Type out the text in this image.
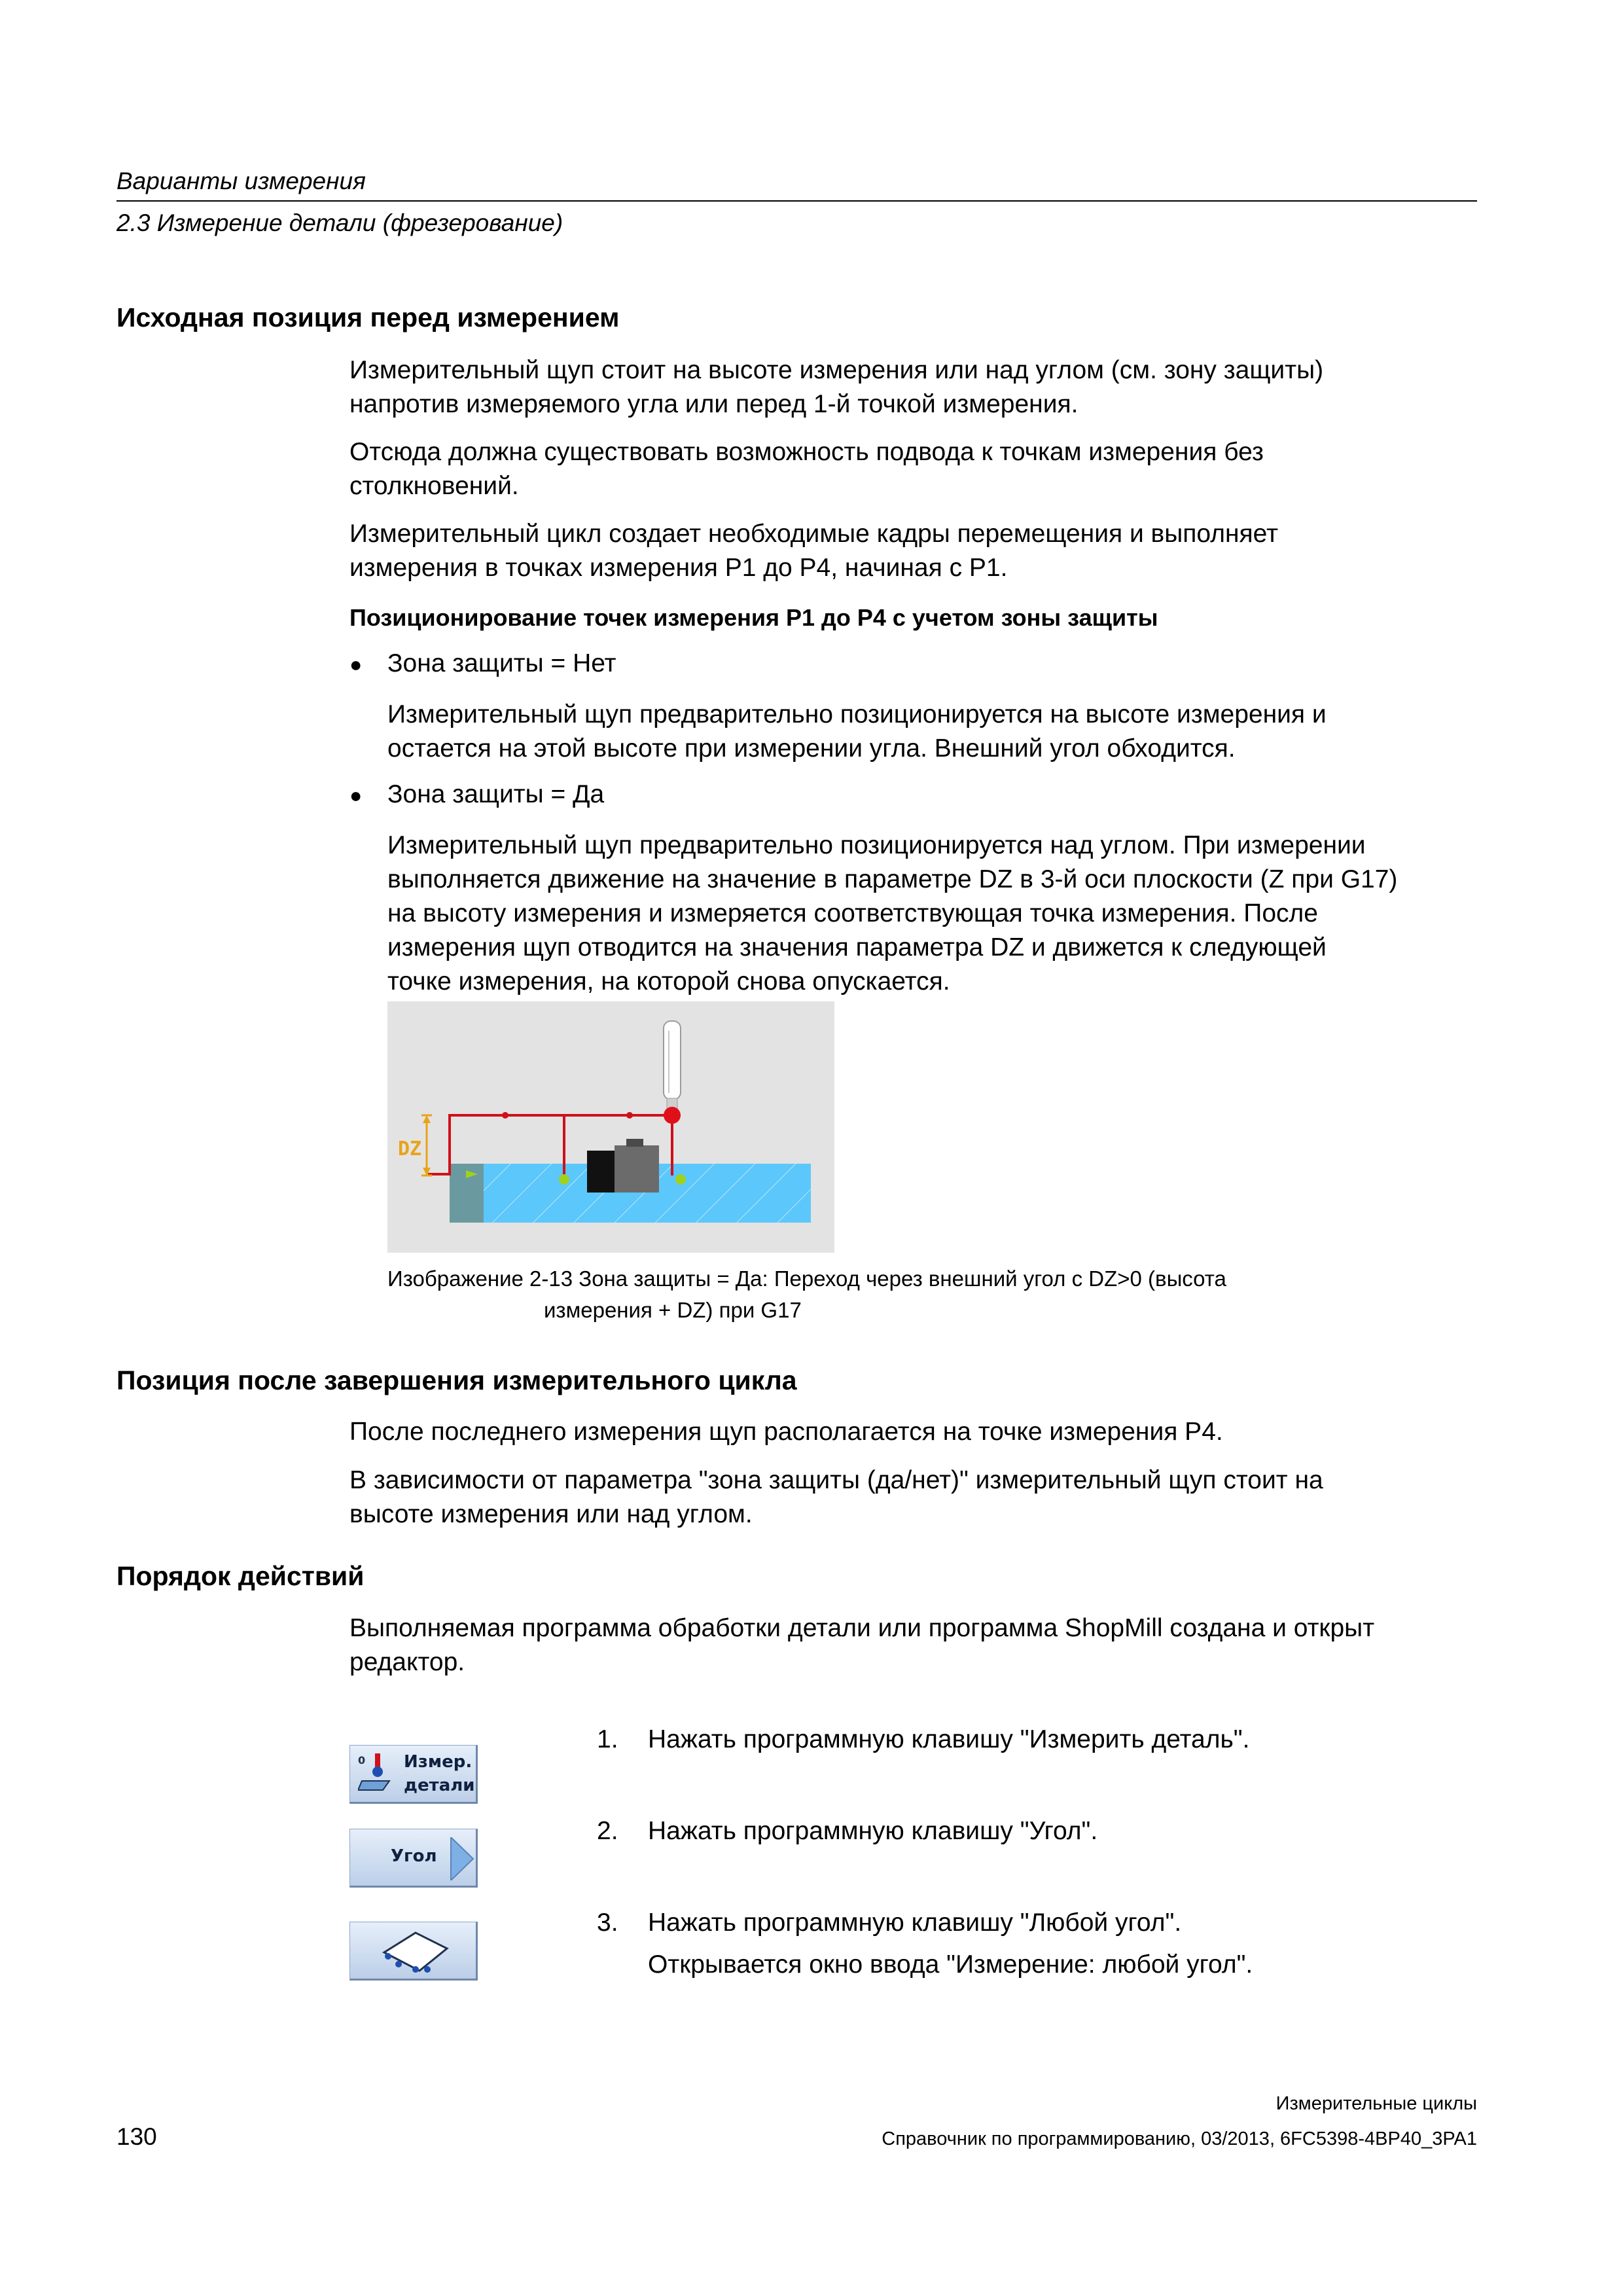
Варианты измерения
2.3 Измерение детали (фрезерование)
Исходная позиция перед измерением
Измерительный щуп стоит на высоте измерения или над углом (см. зону защиты)
напротив измеряемого угла или перед 1-й точкой измерения.
Отсюда должна существовать возможность подвода к точкам измерения без
столкновений.
Измерительный цикл создает необходимые кадры перемещения и выполняет
измерения в точках измерения P1 до P4, начиная с P1.
Позиционирование точек измерения P1 до P4 с учетом зоны защиты
● Зона защиты = Нет
Измерительный щуп предварительно позиционируется на высоте измерения и
остается на этой высоте при измерении угла. Внешний угол обходится.
● Зона защиты = Да
Измерительный щуп предварительно позиционируется над углом. При измерении
выполняется движение на значение в параметре DZ в 3-й оси плоскости (Z при G17)
на высоту измерения и измеряется соответствующая точка измерения. После
измерения щуп отводится на значения параметра DZ и движется к следующей
точке измерения, на которой снова опускается.
DZ
Изображение 2-13 Зона защиты = Да: Переход через внешний угол с DZ>0 (высота
измерения + DZ) при G17
Позиция после завершения измерительного цикла
После последнего измерения щуп располагается на точке измерения P4.
В зависимости от параметра "зона защиты (да/нет)" измерительный щуп стоит на
высоте измерения или над углом.
Порядок действий
Выполняемая программа обработки детали или программа ShopMill создана и открыт
редактор.
0 Измер.
детали
1. Нажать программную клавишу "Измерить деталь".
Угол
2. Нажать программную клавишу "Угол".
3. Нажать программную клавишу "Любой угол".
Открывается окно ввода "Измерение: любой угол".
Измерительные циклы
130	Справочник по программированию, 03/2013, 6FC5398-4BP40_3PA1
